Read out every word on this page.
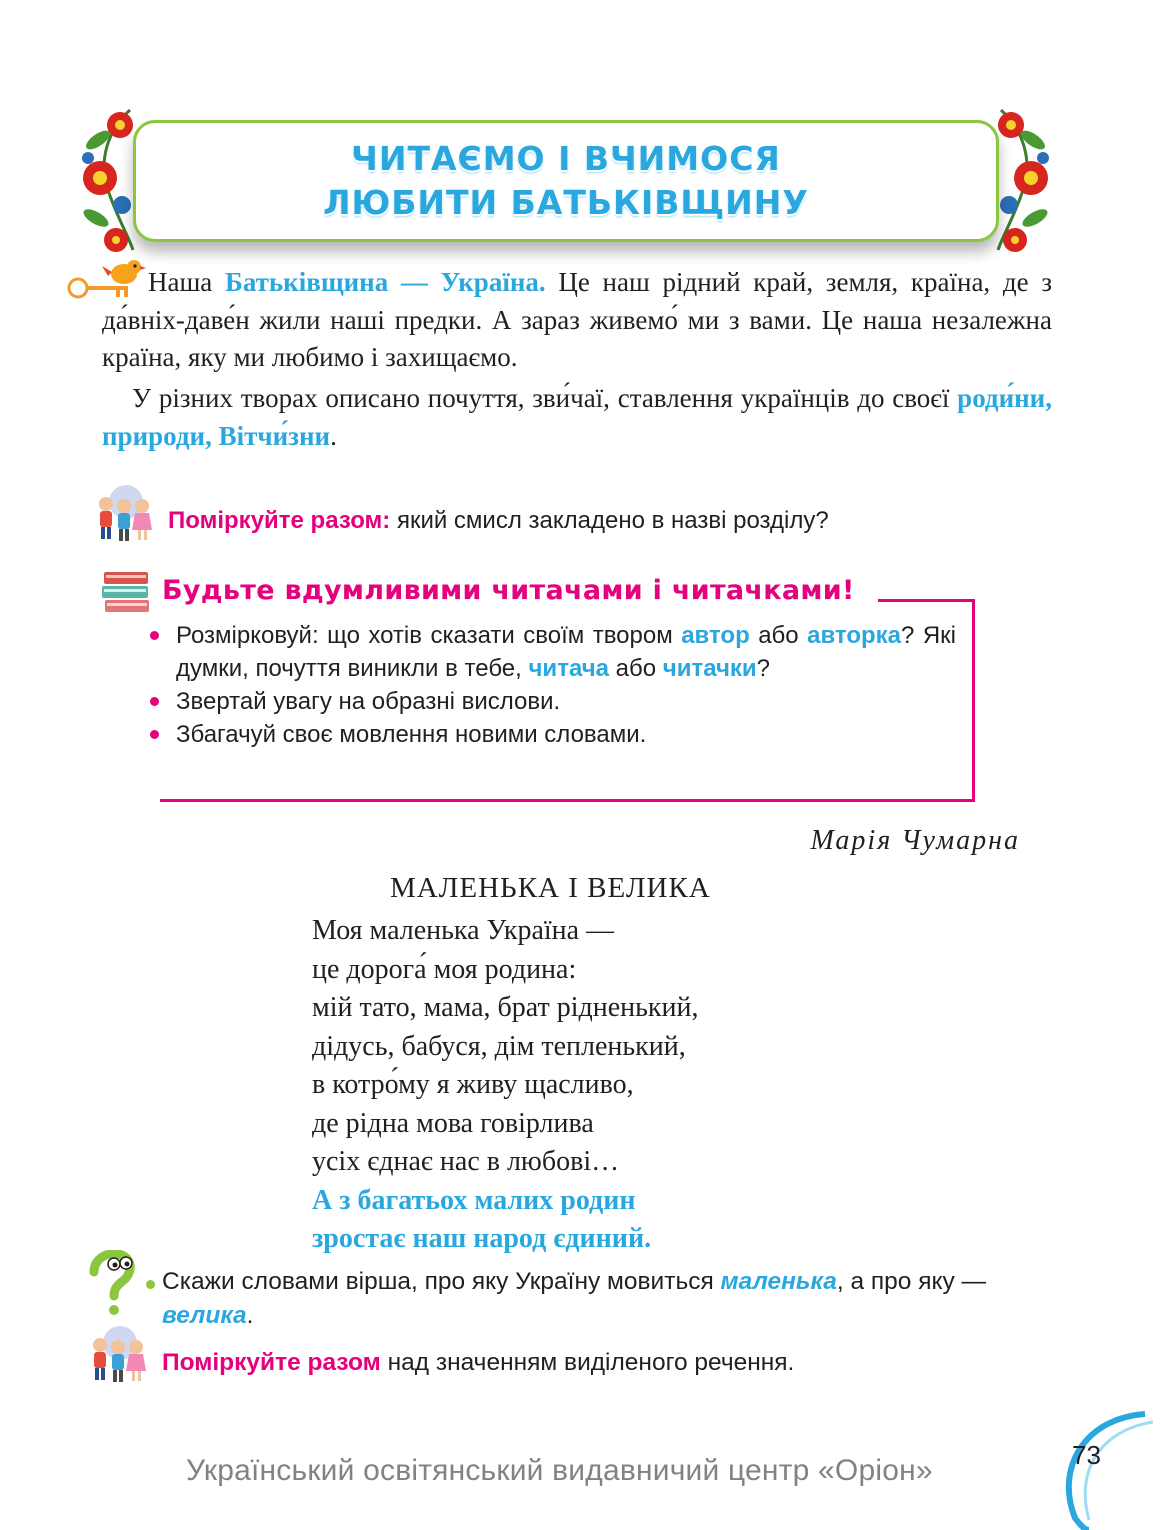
ЧИТАЄМО І ВЧИМОСЯ
ЛЮБИТИ БАТЬКІВЩИНУ
Наша Батьківщина — Україна. Це наш рідний край, земля, країна, де з да́вніх-даве́н жили наші предки. А зараз живемо́ ми з вами. Це наша незалежна країна, яку ми любимо і захищаємо.
У різних творах описано почуття, зви́чаї, ставлення українців до своєї роди́ни, природи, Вітчи́зни.
Поміркуйте разом: який смисл закладено в назві розділу?
Будьте вдумливими читачами і читачками!
Розмірковуй: що хотів сказати своїм твором автор або авторка? Які думки, почуття виникли в тебе, читача або читачки?
Звертай увагу на образні вислови.
Збагачуй своє мовлення новими словами.
Марія Чумарна
МАЛЕНЬКА І ВЕЛИКА
Моя маленька Україна —
це дорога́ моя родина:
мій тато, мама, брат рідненький,
дідусь, бабуся, дім тепленький,
в котро́му я живу щасливо,
де рідна мова говірлива
усіх єднає нас в любові…
А з багатьох малих родин
зростає наш народ єдиний.
Скажи словами вірша, про яку Україну мовиться маленька, а про яку — велика.
Поміркуйте разом над значенням виділеного речення.
Український освітянський видавничий центр «Оріон»	73
